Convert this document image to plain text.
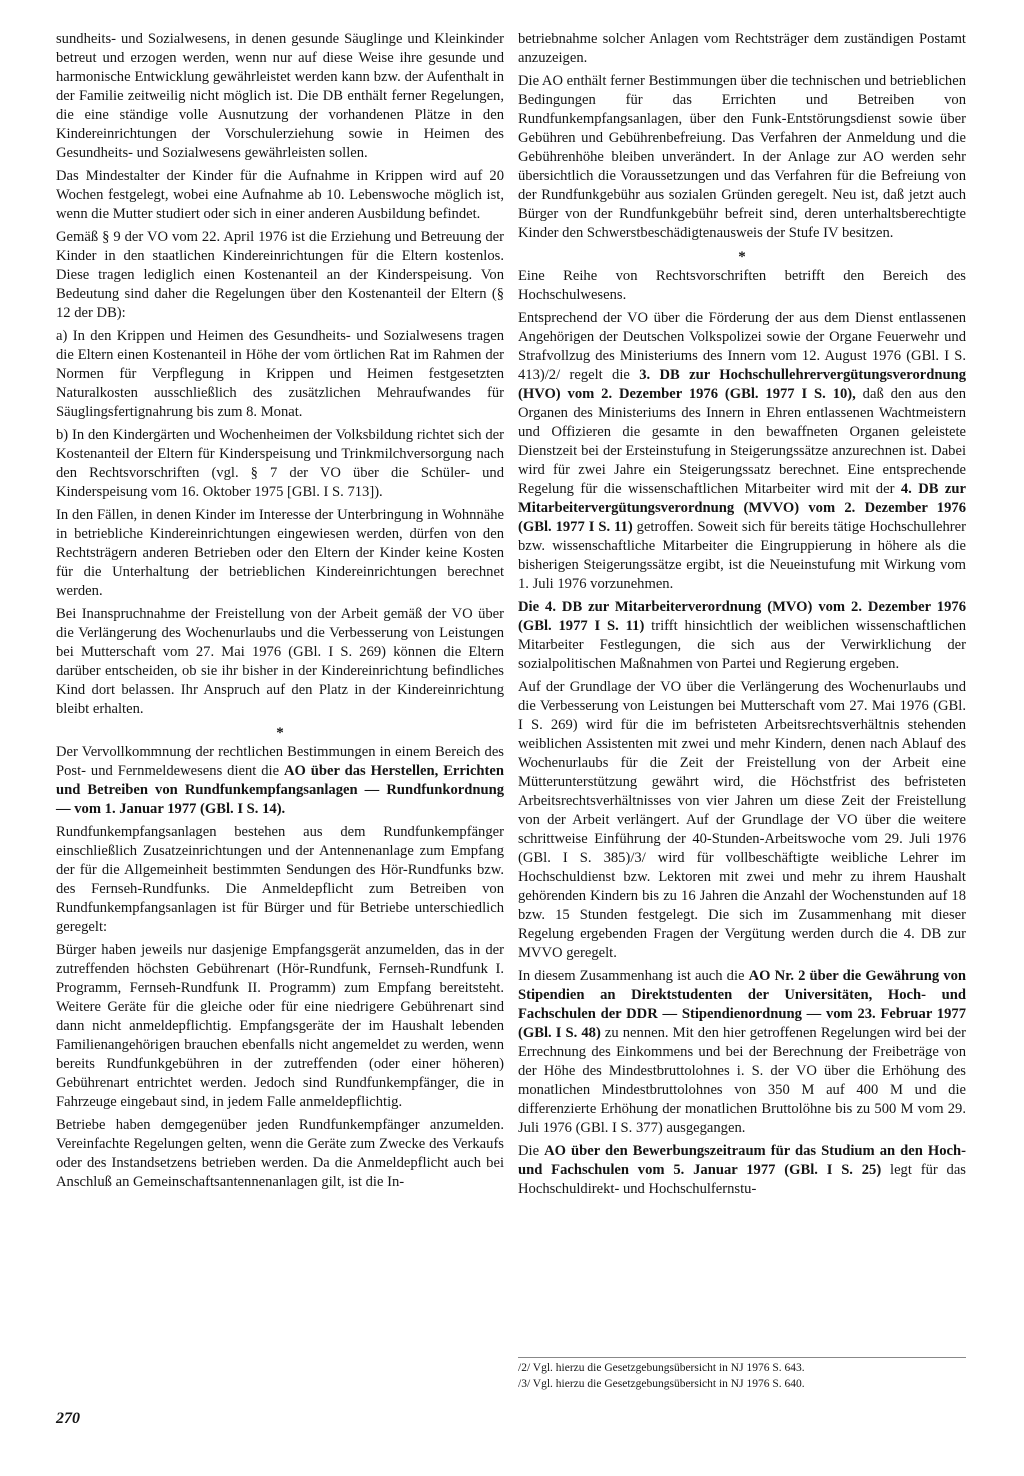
sundheits- und Sozialwesens, in denen gesunde Säuglinge und Kleinkinder betreut und erzogen werden, wenn nur auf diese Weise ihre gesunde und harmonische Entwicklung gewährleistet werden kann bzw. der Aufenthalt in der Familie zeitweilig nicht möglich ist. Die DB enthält ferner Regelungen, die eine ständige volle Ausnutzung der vorhandenen Plätze in den Kindereinrichtungen der Vorschulerziehung sowie in Heimen des Gesundheits- und Sozialwesens gewährleisten sollen.

Das Mindestalter der Kinder für die Aufnahme in Krippen wird auf 20 Wochen festgelegt, wobei eine Aufnahme ab 10. Lebenswoche möglich ist, wenn die Mutter studiert oder sich in einer anderen Ausbildung befindet.

Gemäß § 9 der VO vom 22. April 1976 ist die Erziehung und Betreuung der Kinder in den staatlichen Kindereinrichtungen für die Eltern kostenlos. Diese tragen lediglich einen Kostenanteil an der Kinderspeisung. Von Bedeutung sind daher die Regelungen über den Kostenanteil der Eltern (§ 12 der DB):

a) In den Krippen und Heimen des Gesundheits- und Sozialwesens tragen die Eltern einen Kostenanteil in Höhe der vom örtlichen Rat im Rahmen der Normen für Verpflegung in Krippen und Heimen festgesetzten Naturalkosten ausschließlich des zusätzlichen Mehraufwandes für Säuglingsfertignahrung bis zum 8. Monat.

b) In den Kindergärten und Wochenheimen der Volksbildung richtet sich der Kostenanteil der Eltern für Kinderspeisung und Trinkmilchversorgung nach den Rechtsvorschriften (vgl. § 7 der VO über die Schüler- und Kinderspeisung vom 16. Oktober 1975 [GBl. I S. 713]).

In den Fällen, in denen Kinder im Interesse der Unterbringung in Wohnnähe in betriebliche Kindereinrichtungen eingewiesen werden, dürfen von den Rechtsträgern anderen Betrieben oder den Eltern der Kinder keine Kosten für die Unterhaltung der betrieblichen Kindereinrichtungen berechnet werden.

Bei Inanspruchnahme der Freistellung von der Arbeit gemäß der VO über die Verlängerung des Wochenurlaubs und die Verbesserung von Leistungen bei Mutterschaft vom 27. Mai 1976 (GBl. I S. 269) können die Eltern darüber entscheiden, ob sie ihr bisher in der Kindereinrichtung befindliches Kind dort belassen. Ihr Anspruch auf den Platz in der Kindereinrichtung bleibt erhalten.

*

Der Vervollkommnung der rechtlichen Bestimmungen in einem Bereich des Post- und Fernmeldewesens dient die AO über das Herstellen, Errichten und Betreiben von Rundfunkempfangsanlagen — Rundfunkordnung — vom 1. Januar 1977 (GBl. I S. 14).

Rundfunkempfangsanlagen bestehen aus dem Rundfunkempfänger einschließlich Zusatzeinrichtungen und der Antennenanlage zum Empfang der für die Allgemeinheit bestimmten Sendungen des Hör-Rundfunks bzw. des Fernseh-Rundfunks. Die Anmeldepflicht zum Betreiben von Rundfunkempfangsanlagen ist für Bürger und für Betriebe unterschiedlich geregelt:

Bürger haben jeweils nur dasjenige Empfangsgerät anzumelden, das in der zutreffenden höchsten Gebührenart (Hör-Rundfunk, Fernseh-Rundfunk I. Programm, Fernseh-Rundfunk II. Programm) zum Empfang bereitsteht. Weitere Geräte für die gleiche oder für eine niedrigere Gebührenart sind dann nicht anmeldepflichtig. Empfangsgeräte der im Haushalt lebenden Familienangehörigen brauchen ebenfalls nicht angemeldet zu werden, wenn bereits Rundfunkgebühren in der zutreffenden (oder einer höheren) Gebührenart entrichtet werden. Jedoch sind Rundfunkempfänger, die in Fahrzeuge eingebaut sind, in jedem Falle anmeldepflichtig.

Betriebe haben demgegenüber jeden Rundfunkempfänger anzumelden. Vereinfachte Regelungen gelten, wenn die Geräte zum Zwecke des Verkaufs oder des Instandsetzens betrieben werden. Da die Anmeldepflicht auch bei Anschluß an Gemeinschaftsantennenanlagen gilt, ist die In-

betriebnahme solcher Anlagen vom Rechtsträger dem zuständigen Postamt anzuzeigen.

Die AO enthält ferner Bestimmungen über die technischen und betrieblichen Bedingungen für das Errichten und Betreiben von Rundfunkempfangsanlagen, über den Funk-Entstörungsdienst sowie über Gebühren und Gebührenbefreiung. Das Verfahren der Anmeldung und die Gebührenhöhe bleiben unverändert. In der Anlage zur AO werden sehr übersichtlich die Voraussetzungen und das Verfahren für die Befreiung von der Rundfunkgebühr aus sozialen Gründen geregelt. Neu ist, daß jetzt auch Bürger von der Rundfunkgebühr befreit sind, deren unterhaltsberechtigte Kinder den Schwerstbeschädigtenausweis der Stufe IV besitzen.

*

Eine Reihe von Rechtsvorschriften betrifft den Bereich des Hochschulwesens.

Entsprechend der VO über die Förderung der aus dem Dienst entlassenen Angehörigen der Deutschen Volkspolizei sowie der Organe Feuerwehr und Strafvollzug des Ministeriums des Innern vom 12. August 1976 (GBl. I S. 413)/2/ regelt die 3. DB zur Hochschullehrervergütungsverordnung (HVO) vom 2. Dezember 1976 (GBl. 1977 I S. 10), daß den aus den Organen des Ministeriums des Innern in Ehren entlassenen Wachtmeistern und Offizieren die gesamte in den bewaffneten Organen geleistete Dienstzeit bei der Ersteinstufung in Steigerungssätze anzurechnen ist. Dabei wird für zwei Jahre ein Steigerungssatz berechnet. Eine entsprechende Regelung für die wissenschaftlichen Mitarbeiter wird mit der 4. DB zur Mitarbeitervergütungsverordnung (MVVO) vom 2. Dezember 1976 (GBl. 1977 I S. 11) getroffen. Soweit sich für bereits tätige Hochschullehrer bzw. wissenschaftliche Mitarbeiter die Eingruppierung in höhere als die bisherigen Steigerungssätze ergibt, ist die Neueinstufung mit Wirkung vom 1. Juli 1976 vorzunehmen.

Die 4. DB zur Mitarbeiterverordnung (MVO) vom 2. Dezember 1976 (GBl. 1977 I S. 11) trifft hinsichtlich der weiblichen wissenschaftlichen Mitarbeiter Festlegungen, die sich aus der Verwirklichung der sozialpolitischen Maßnahmen von Partei und Regierung ergeben.

Auf der Grundlage der VO über die Verlängerung des Wochenurlaubs und die Verbesserung von Leistungen bei Mutterschaft vom 27. Mai 1976 (GBl. I S. 269) wird für die im befristeten Arbeitsrechtsverhältnis stehenden weiblichen Assistenten mit zwei und mehr Kindern, denen nach Ablauf des Wochenurlaubs für die Zeit der Freistellung von der Arbeit eine Mütterunterstützung gewährt wird, die Höchstfrist des befristeten Arbeitsrechtsverhältnisses von vier Jahren um diese Zeit der Freistellung von der Arbeit verlängert. Auf der Grundlage der VO über die weitere schrittweise Einführung der 40-Stunden-Arbeitswoche vom 29. Juli 1976 (GBl. I S. 385)/3/ wird für vollbeschäftigte weibliche Lehrer im Hochschuldienst bzw. Lektoren mit zwei und mehr zu ihrem Haushalt gehörenden Kindern bis zu 16 Jahren die Anzahl der Wochenstunden auf 18 bzw. 15 Stunden festgelegt. Die sich im Zusammenhang mit dieser Regelung ergebenden Fragen der Vergütung werden durch die 4. DB zur MVVO geregelt.

In diesem Zusammenhang ist auch die AO Nr. 2 über die Gewährung von Stipendien an Direktstudenten der Universitäten, Hoch- und Fachschulen der DDR — Stipendienordnung — vom 23. Februar 1977 (GBl. I S. 48) zu nennen. Mit den hier getroffenen Regelungen wird bei der Errechnung des Einkommens und bei der Berechnung der Freibeträge von der Höhe des Mindestbruttolohnes i. S. der VO über die Erhöhung des monatlichen Mindestbruttolohnes von 350 M auf 400 M und die differenzierte Erhöhung der monatlichen Bruttolöhne bis zu 500 M vom 29. Juli 1976 (GBl. I S. 377) ausgegangen.

Die AO über den Bewerbungszeitraum für das Studium an den Hoch- und Fachschulen vom 5. Januar 1977 (GBl. I S. 25) legt für das Hochschuldirekt- und Hochschulfernstu-

/2/ Vgl. hierzu die Gesetzgebungsübersicht in NJ 1976 S. 643.
/3/ Vgl. hierzu die Gesetzgebungsübersicht in NJ 1976 S. 640.
270
